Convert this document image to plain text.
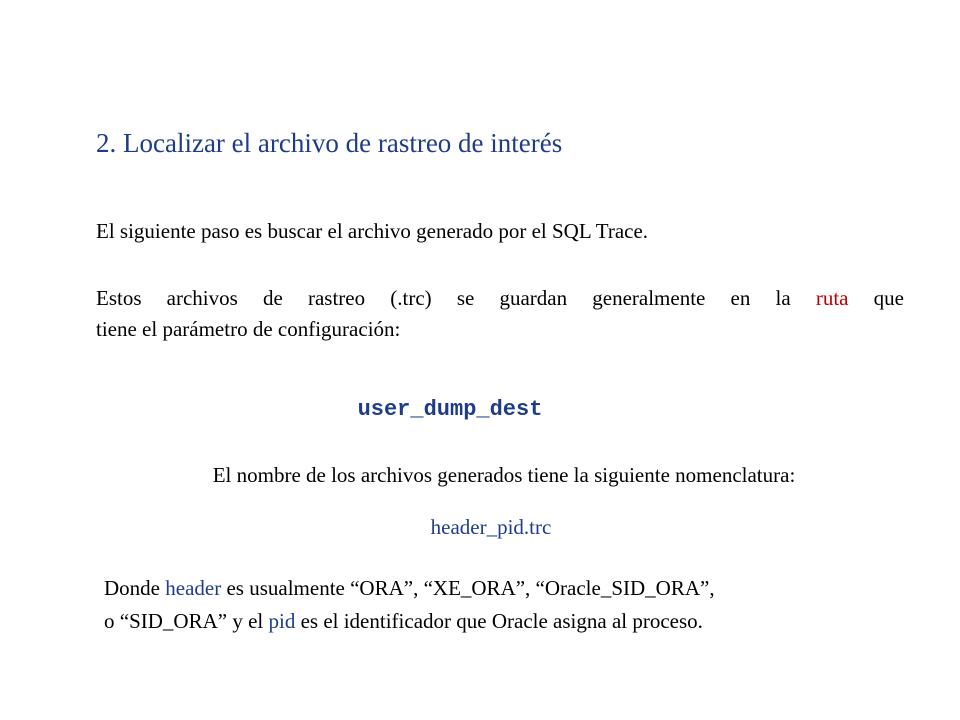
2. Localizar el archivo de rastreo de interés
El siguiente paso es buscar el archivo generado por el SQL Trace.
Estos archivos de rastreo (.trc) se guardan generalmente en la ruta que
tiene el parámetro de configuración:
user_dump_dest
El nombre de los archivos generados tiene la siguiente nomenclatura:
header_pid.trc
Donde header es usualmente “ORA”, “XE_ORA”, “Oracle_SID_ORA”,
o “SID_ORA” y el pid es el identificador que Oracle asigna al proceso.
